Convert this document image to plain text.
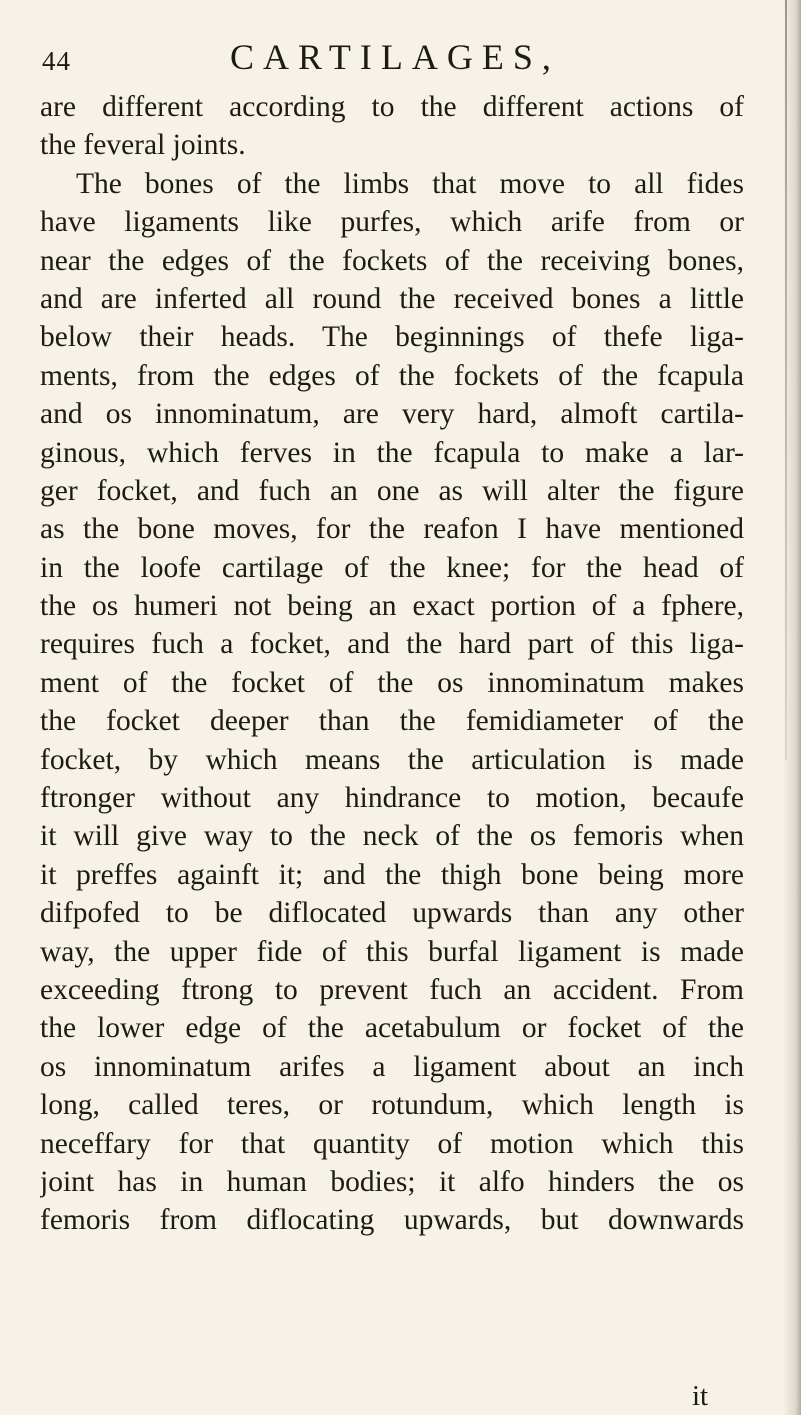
44	CARTILAGES,
are different according to the different actions of
the feveral joints.
The bones of the limbs that move to all fides
have ligaments like purfes, which arife from or
near the edges of the fockets of the receiving bones,
and are inferted all round the received bones a little
below their heads. The beginnings of thefe liga-
ments, from the edges of the fockets of the fcapula
and os innominatum, are very hard, almoft cartila-
ginous, which ferves in the fcapula to make a lar-
ger focket, and fuch an one as will alter the figure
as the bone moves, for the reafon I have mentioned
in the loofe cartilage of the knee; for the head of
the os humeri not being an exact portion of a fphere,
requires fuch a focket, and the hard part of this liga-
ment of the focket of the os innominatum makes
the focket deeper than the femidiameter of the
focket, by which means the articulation is made
ftronger without any hindrance to motion, becaufe
it will give way to the neck of the os femoris when
it preffes againft it; and the thigh bone being more
difpofed to be diflocated upwards than any other
way, the upper fide of this burfal ligament is made
exceeding ftrong to prevent fuch an accident. From
the lower edge of the acetabulum or focket of the
os innominatum arifes a ligament about an inch
long, called teres, or rotundum, which length is
neceffary for that quantity of motion which this
joint has in human bodies; it alfo hinders the os
femoris from diflocating upwards, but downwards
it
